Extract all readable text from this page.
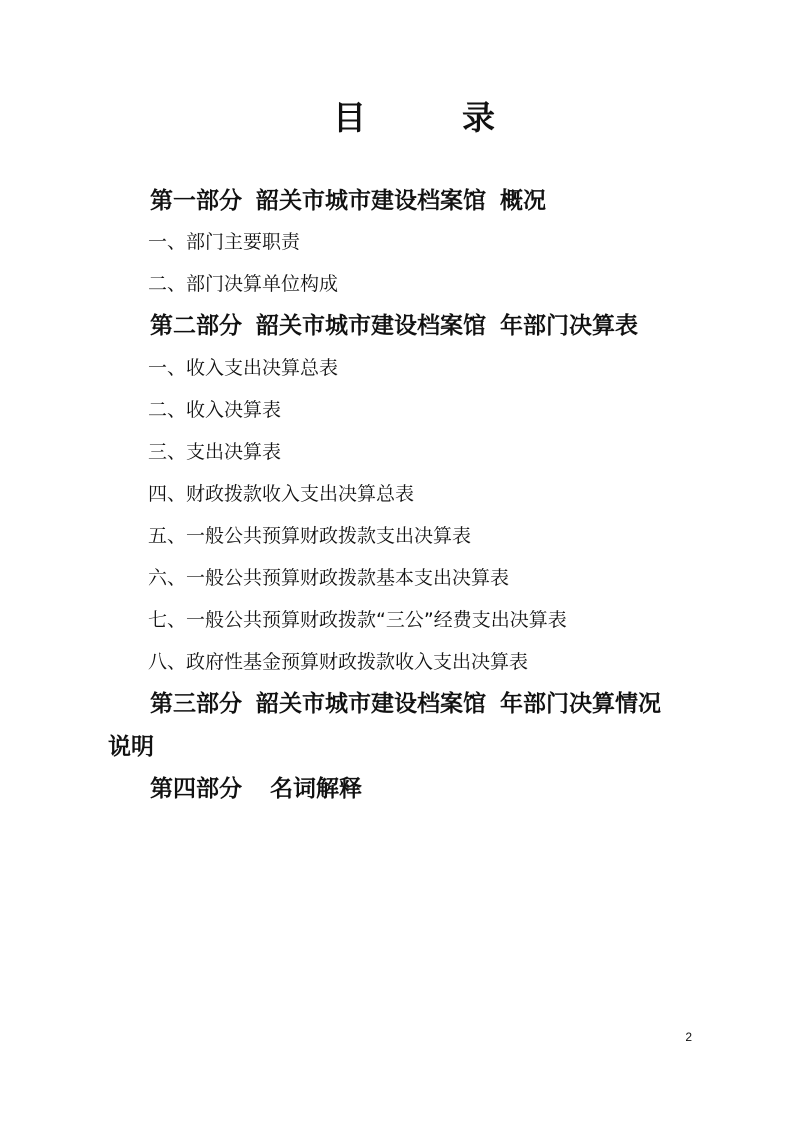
目	录
第一部分 韶关市城市建设档案馆 概况
一、部门主要职责
二、部门决算单位构成
第二部分 韶关市城市建设档案馆 年部门决算表
一、收入支出决算总表
二、收入决算表
三、支出决算表
四、财政拨款收入支出决算总表
五、一般公共预算财政拨款支出决算表
六、一般公共预算财政拨款基本支出决算表
七、一般公共预算财政拨款“三公”经费支出决算表
八、政府性基金预算财政拨款收入支出决算表
第三部分 韶关市城市建设档案馆 年部门决算情况
说明
第四部分 名词解释
2
